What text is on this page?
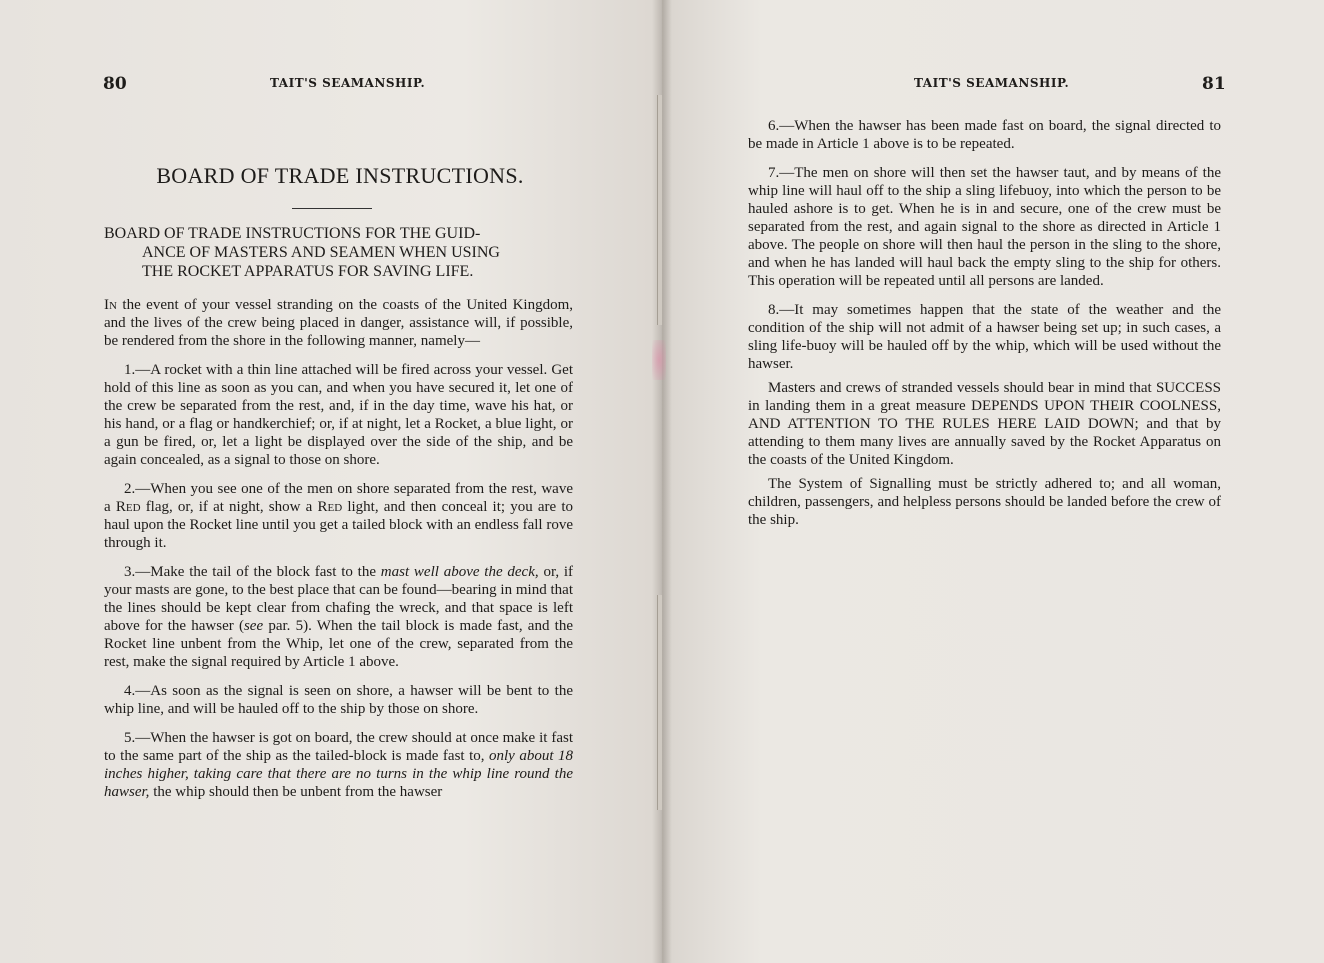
80	TAIT'S SEAMANSHIP.
BOARD OF TRADE INSTRUCTIONS.
BOARD OF TRADE INSTRUCTIONS FOR THE GUID-
ANCE OF MASTERS AND SEAMEN WHEN USING
THE ROCKET APPARATUS FOR SAVING LIFE.

In the event of your vessel stranding on the coasts of the United Kingdom, and the lives of the crew being placed in danger, assistance will, if possible, be rendered from the shore in the following manner, namely—

1.—A rocket with a thin line attached will be fired across your vessel. Get hold of this line as soon as you can, and when you have secured it, let one of the crew be separated from the rest, and, if in the day time, wave his hat, or his hand, or a flag or handkerchief; or, if at night, let a Rocket, a blue light, or a gun be fired, or, let a light be displayed over the side of the ship, and be again concealed, as a signal to those on shore.

2.—When you see one of the men on shore separated from the rest, wave a Red flag, or, if at night, show a Red light, and then conceal it; you are to haul upon the Rocket line until you get a tailed block with an endless fall rove through it.

3.—Make the tail of the block fast to the mast well above the deck, or, if your masts are gone, to the best place that can be found—bearing in mind that the lines should be kept clear from chafing the wreck, and that space is left above for the hawser (see par. 5). When the tail block is made fast, and the Rocket line unbent from the Whip, let one of the crew, separated from the rest, make the signal required by Article 1 above.

4.—As soon as the signal is seen on shore, a hawser will be bent to the whip line, and will be hauled off to the ship by those on shore.

5.—When the hawser is got on board, the crew should at once make it fast to the same part of the ship as the tailed-block is made fast to, only about 18 inches higher, taking care that there are no turns in the whip line round the hawser, the whip should then be unbent from the hawser

TAIT'S SEAMANSHIP.	81

6.—When the hawser has been made fast on board, the signal directed to be made in Article 1 above is to be repeated.

7.—The men on shore will then set the hawser taut, and by means of the whip line will haul off to the ship a sling lifebuoy, into which the person to be hauled ashore is to get. When he is in and secure, one of the crew must be separated from the rest, and again signal to the shore as directed in Article 1 above. The people on shore will then haul the person in the sling to the shore, and when he has landed will haul back the empty sling to the ship for others. This operation will be repeated until all persons are landed.

8.—It may sometimes happen that the state of the weather and the condition of the ship will not admit of a hawser being set up; in such cases, a sling life-buoy will be hauled off by the whip, which will be used without the hawser.

Masters and crews of stranded vessels should bear in mind that SUCCESS in landing them in a great measure DEPENDS UPON THEIR COOLNESS, AND ATTENTION TO THE RULES HERE LAID DOWN; and that by attending to them many lives are annually saved by the Rocket Apparatus on the coasts of the United Kingdom.

The System of Signalling must be strictly adhered to; and all woman, children, passengers, and helpless persons should be landed before the crew of the ship.
